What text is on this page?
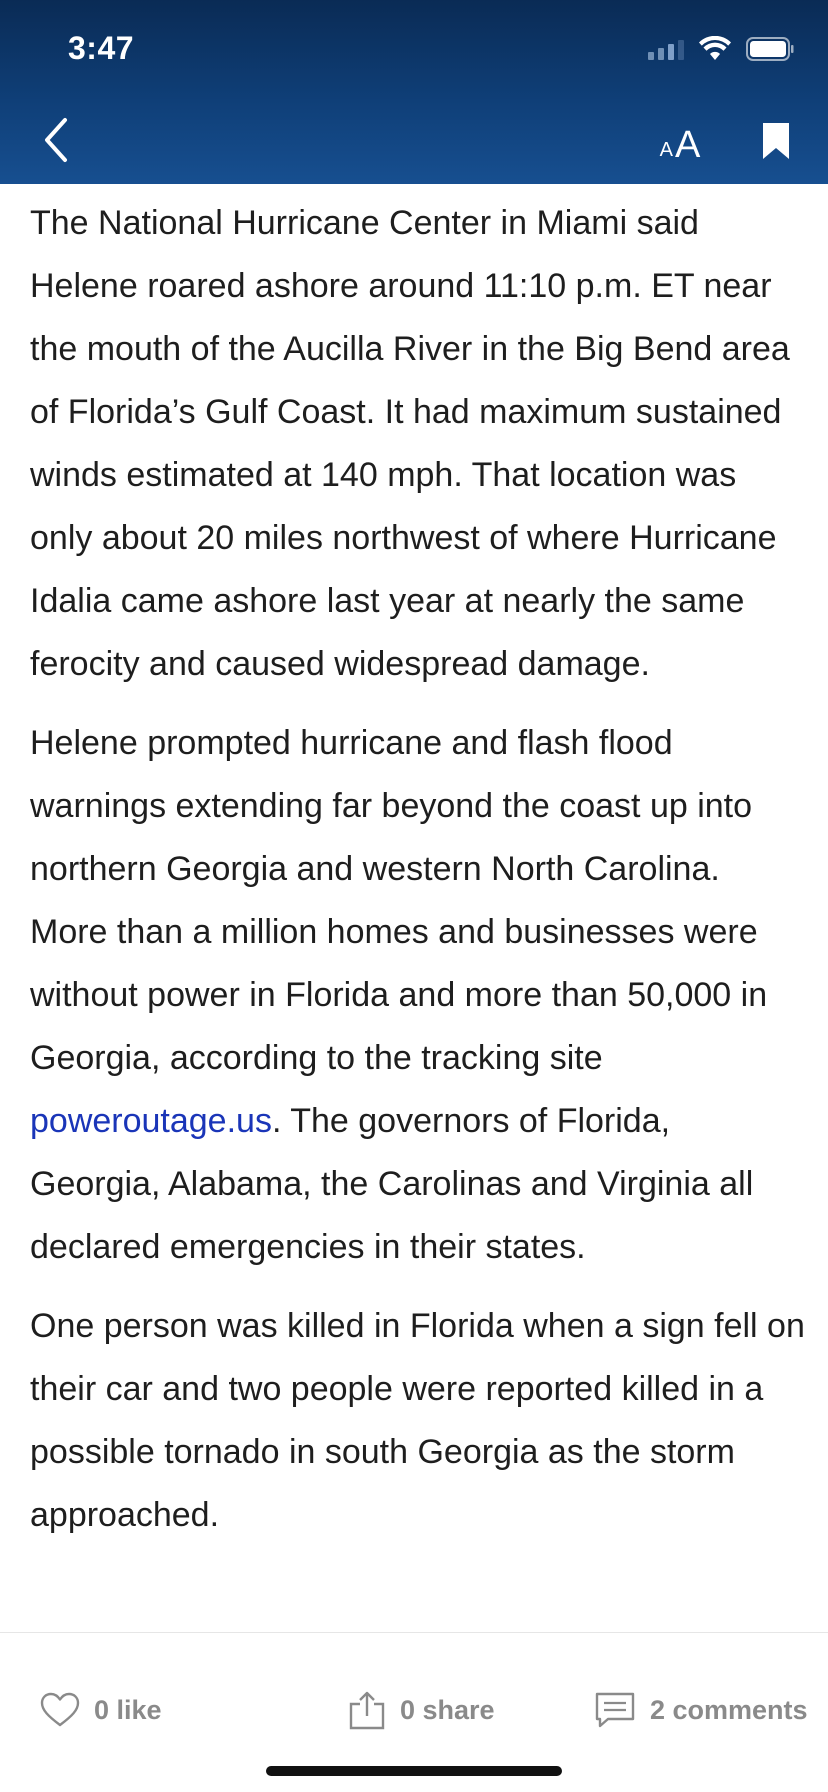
3:47
A A

The National Hurricane Center in Miami said Helene roared ashore around 11:10 p.m. ET near the mouth of the Aucilla River in the Big Bend area of Florida’s Gulf Coast. It had maximum sustained winds estimated at 140 mph. That location was only about 20 miles northwest of where Hurricane Idalia came ashore last year at nearly the same ferocity and caused widespread damage.

Helene prompted hurricane and flash flood warnings extending far beyond the coast up into northern Georgia and western North Carolina. More than a million homes and businesses were without power in Florida and more than 50,000 in Georgia, according to the tracking site poweroutage.us. The governors of Florida, Georgia, Alabama, the Carolinas and Virginia all declared emergencies in their states.

One person was killed in Florida when a sign fell on their car and two people were reported killed in a possible tornado in south Georgia as the storm approached.

0 like	0 share	2 comments
